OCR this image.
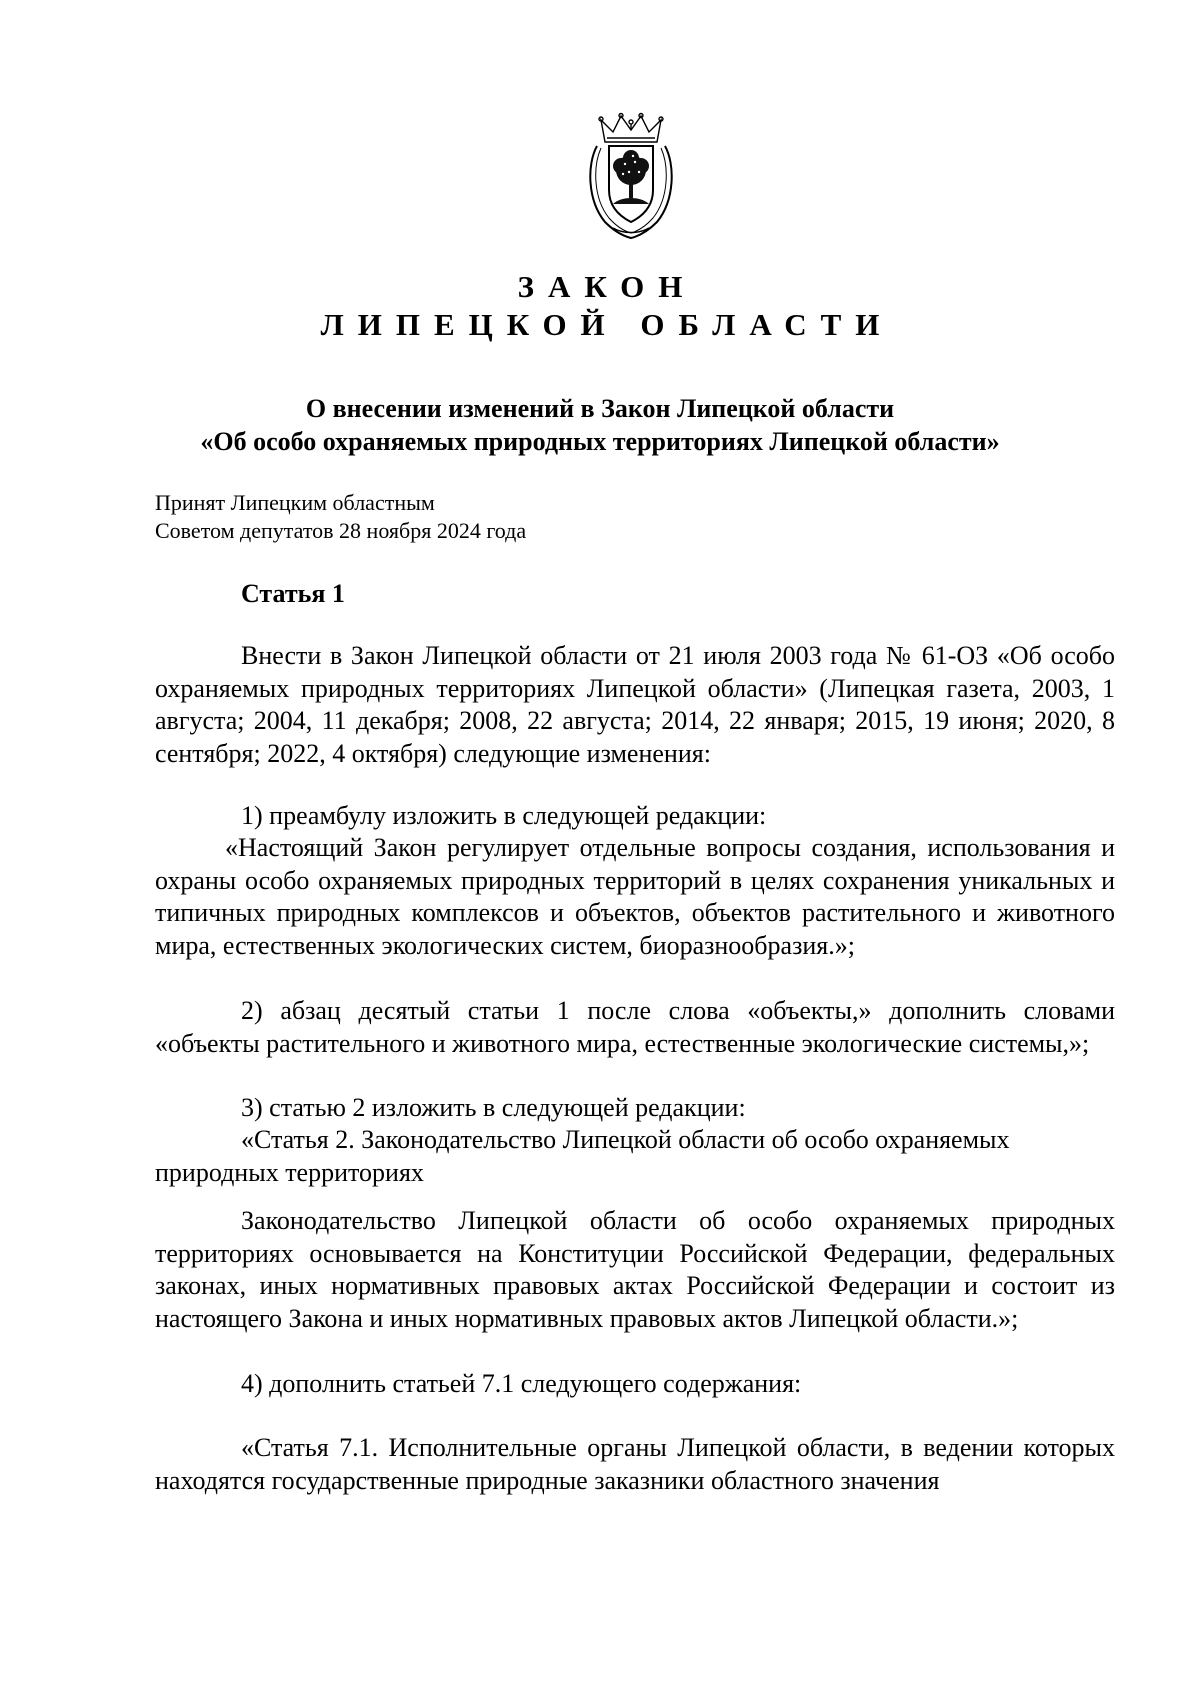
ЗАКОН
ЛИПЕЦКОЙ ОБЛАСТИ
О внесении изменений в Закон Липецкой области
«Об особо охраняемых природных территориях Липецкой области»
Принят Липецким областным
Советом депутатов 28 ноября 2024 года
Статья 1

Внести в Закон Липецкой области от 21 июля 2003 года № 61-ОЗ «Об особо охраняемых природных территориях Липецкой области» (Липецкая газета, 2003, 1 августа; 2004, 11 декабря; 2008, 22 августа; 2014, 22 января; 2015, 19 июня; 2020, 8 сентября; 2022, 4 октября) следующие изменения:

1) преамбулу изложить в следующей редакции:

«Настоящий Закон регулирует отдельные вопросы создания, использования и охраны особо охраняемых природных территорий в целях сохранения уникальных и типичных природных комплексов и объектов, объектов растительного и животного мира, естественных экологических систем, биоразнообразия.»;

2) абзац десятый статьи 1 после слова «объекты,» дополнить словами «объекты растительного и животного мира, естественные экологические системы,»;

3) статью 2 изложить в следующей редакции:

«Статья 2. Законодательство Липецкой области об особо охраняемых природных территориях

Законодательство Липецкой области об особо охраняемых природных территориях основывается на Конституции Российской Федерации, федеральных законах, иных нормативных правовых актах Российской Федерации и состоит из настоящего Закона и иных нормативных правовых актов Липецкой области.»;

4) дополнить статьей 7.1 следующего содержания:

«Статья 7.1. Исполнительные органы Липецкой области, в ведении которых находятся государственные природные заказники областного значения
